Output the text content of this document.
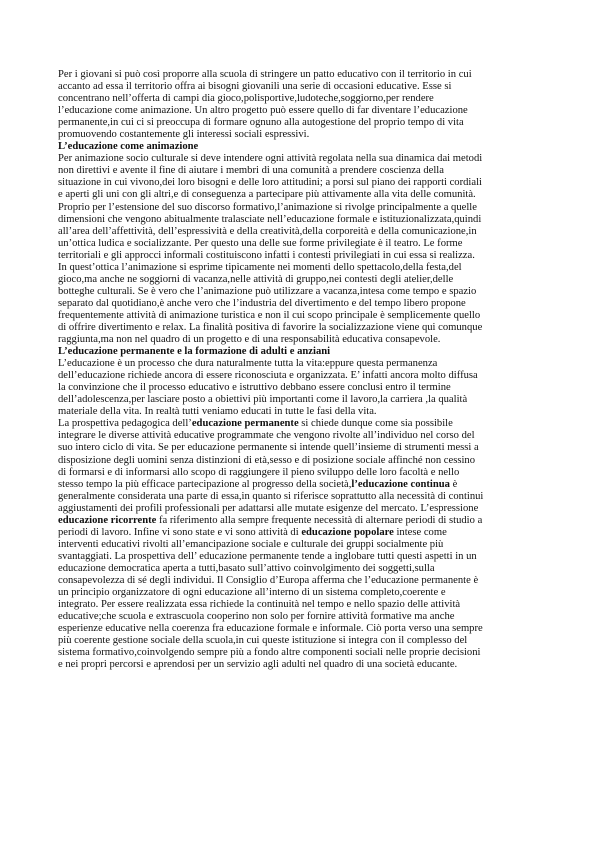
Per i giovani si può così proporre alla scuola di stringere un patto educativo con il territorio in cui
accanto ad essa il territorio offra ai bisogni giovanili una serie di occasioni educative. Esse si
concentrano nell’offerta di campi dia gioco,polisportive,ludoteche,soggiorno,per rendere
l’educazione come animazione. Un altro progetto può essere quello di far diventare l’educazione
permanente,in cui ci si preoccupa di formare ognuno alla autogestione del proprio tempo di vita
promuovendo costantemente gli interessi sociali espressivi.
L’educazione come animazione
Per animazione socio culturale si deve intendere ogni attività regolata nella sua dinamica dai metodi
non direttivi e avente il fine di aiutare i membri di una comunità a prendere coscienza della
situazione in cui vivono,dei loro bisogni e delle loro attitudini; a porsi sul piano dei rapporti cordiali
e aperti gli uni con gli altri,e di conseguenza a partecipare più attivamente alla vita delle comunità.
Proprio per l’estensione del suo discorso formativo,l’animazione si rivolge principalmente a quelle
dimensioni che vengono abitualmente tralasciate nell’educazione formale e istituzionalizzata,quindi
all’area dell’affettività, dell’espressività e della creatività,della corporeità e della comunicazione,in
un’ottica ludica e socializzante. Per questo una delle sue forme privilegiate è il teatro. Le forme
territoriali e gli approcci informali costituiscono infatti i contesti privilegiati in cui essa si realizza.
In quest’ottica l’animazione si esprime tipicamente nei momenti dello spettacolo,della festa,del
gioco,ma anche ne soggiorni di vacanza,nelle attività di gruppo,nei contesti degli atelier,delle
botteghe culturali. Se è vero che l’animazione può utilizzare a vacanza,intesa come tempo e spazio
separato dal quotidiano,è anche vero che l’industria del divertimento e del tempo libero propone
frequentemente attività di animazione turistica e non il cui scopo principale è semplicemente quello
di offrire divertimento e relax. La finalità positiva di favorire la socializzazione viene qui comunque
raggiunta,ma non nel quadro di un progetto e di una responsabilità educativa consapevole.
L’educazione permanente e la formazione di adulti e anziani
L’educazione è un processo che dura naturalmente tutta la vita:eppure questa permanenza
dell’educazione richiede ancora di essere riconosciuta e organizzata. E’ infatti ancora molto diffusa
la convinzione che il processo educativo e istruttivo debbano essere conclusi entro il termine
dell’adolescenza,per lasciare posto a obiettivi più importanti come il lavoro,la carriera ,la qualità
materiale della vita. In realtà tutti veniamo educati in tutte le fasi della vita.
La prospettiva pedagogica dell’educazione permanente si chiede dunque come sia possibile
integrare le diverse attività educative programmate che vengono rivolte all’individuo nel corso del
suo intero ciclo di vita. Se per educazione permanente si intende quell’insieme di strumenti messi a
disposizione degli uomini senza distinzioni di età,sesso e di posizione sociale affinché non cessino
di formarsi e di informarsi allo scopo di raggiungere il pieno sviluppo delle loro facoltà e nello
stesso tempo la più efficace partecipazione al progresso della società,l’educazione continua è
generalmente considerata una parte di essa,in quanto si riferisce soprattutto alla necessità di continui
aggiustamenti dei profili professionali per adattarsi alle mutate esigenze del mercato. L’espressione
educazione ricorrente fa riferimento alla sempre frequente necessità di alternare periodi di studio a
periodi di lavoro. Infine vi sono state e vi sono attività di educazione popolare intese come
interventi educativi rivolti all’emancipazione sociale e culturale dei gruppi socialmente più
svantaggiati. La prospettiva dell’ educazione permanente tende a inglobare tutti questi aspetti in un
educazione democratica aperta a tutti,basato sull’attivo coinvolgimento dei soggetti,sulla
consapevolezza di sé degli individui. Il Consiglio d’Europa afferma che l’educazione permanente è
un principio organizzatore di ogni educazione all’interno di un sistema completo,coerente e
integrato. Per essere realizzata essa richiede la continuità nel tempo e nello spazio delle attività
educative;che scuola e extrascuola cooperino non solo per fornire attività formative ma anche
esperienze educative nella coerenza fra educazione formale e informale. Ciò porta verso una sempre
più coerente gestione sociale della scuola,in cui queste istituzione si integra con il complesso del
sistema formativo,coinvolgendo sempre più a fondo altre componenti sociali nelle proprie decisioni
e nei propri percorsi e aprendosi per un servizio agli adulti nel quadro di una società educante.
